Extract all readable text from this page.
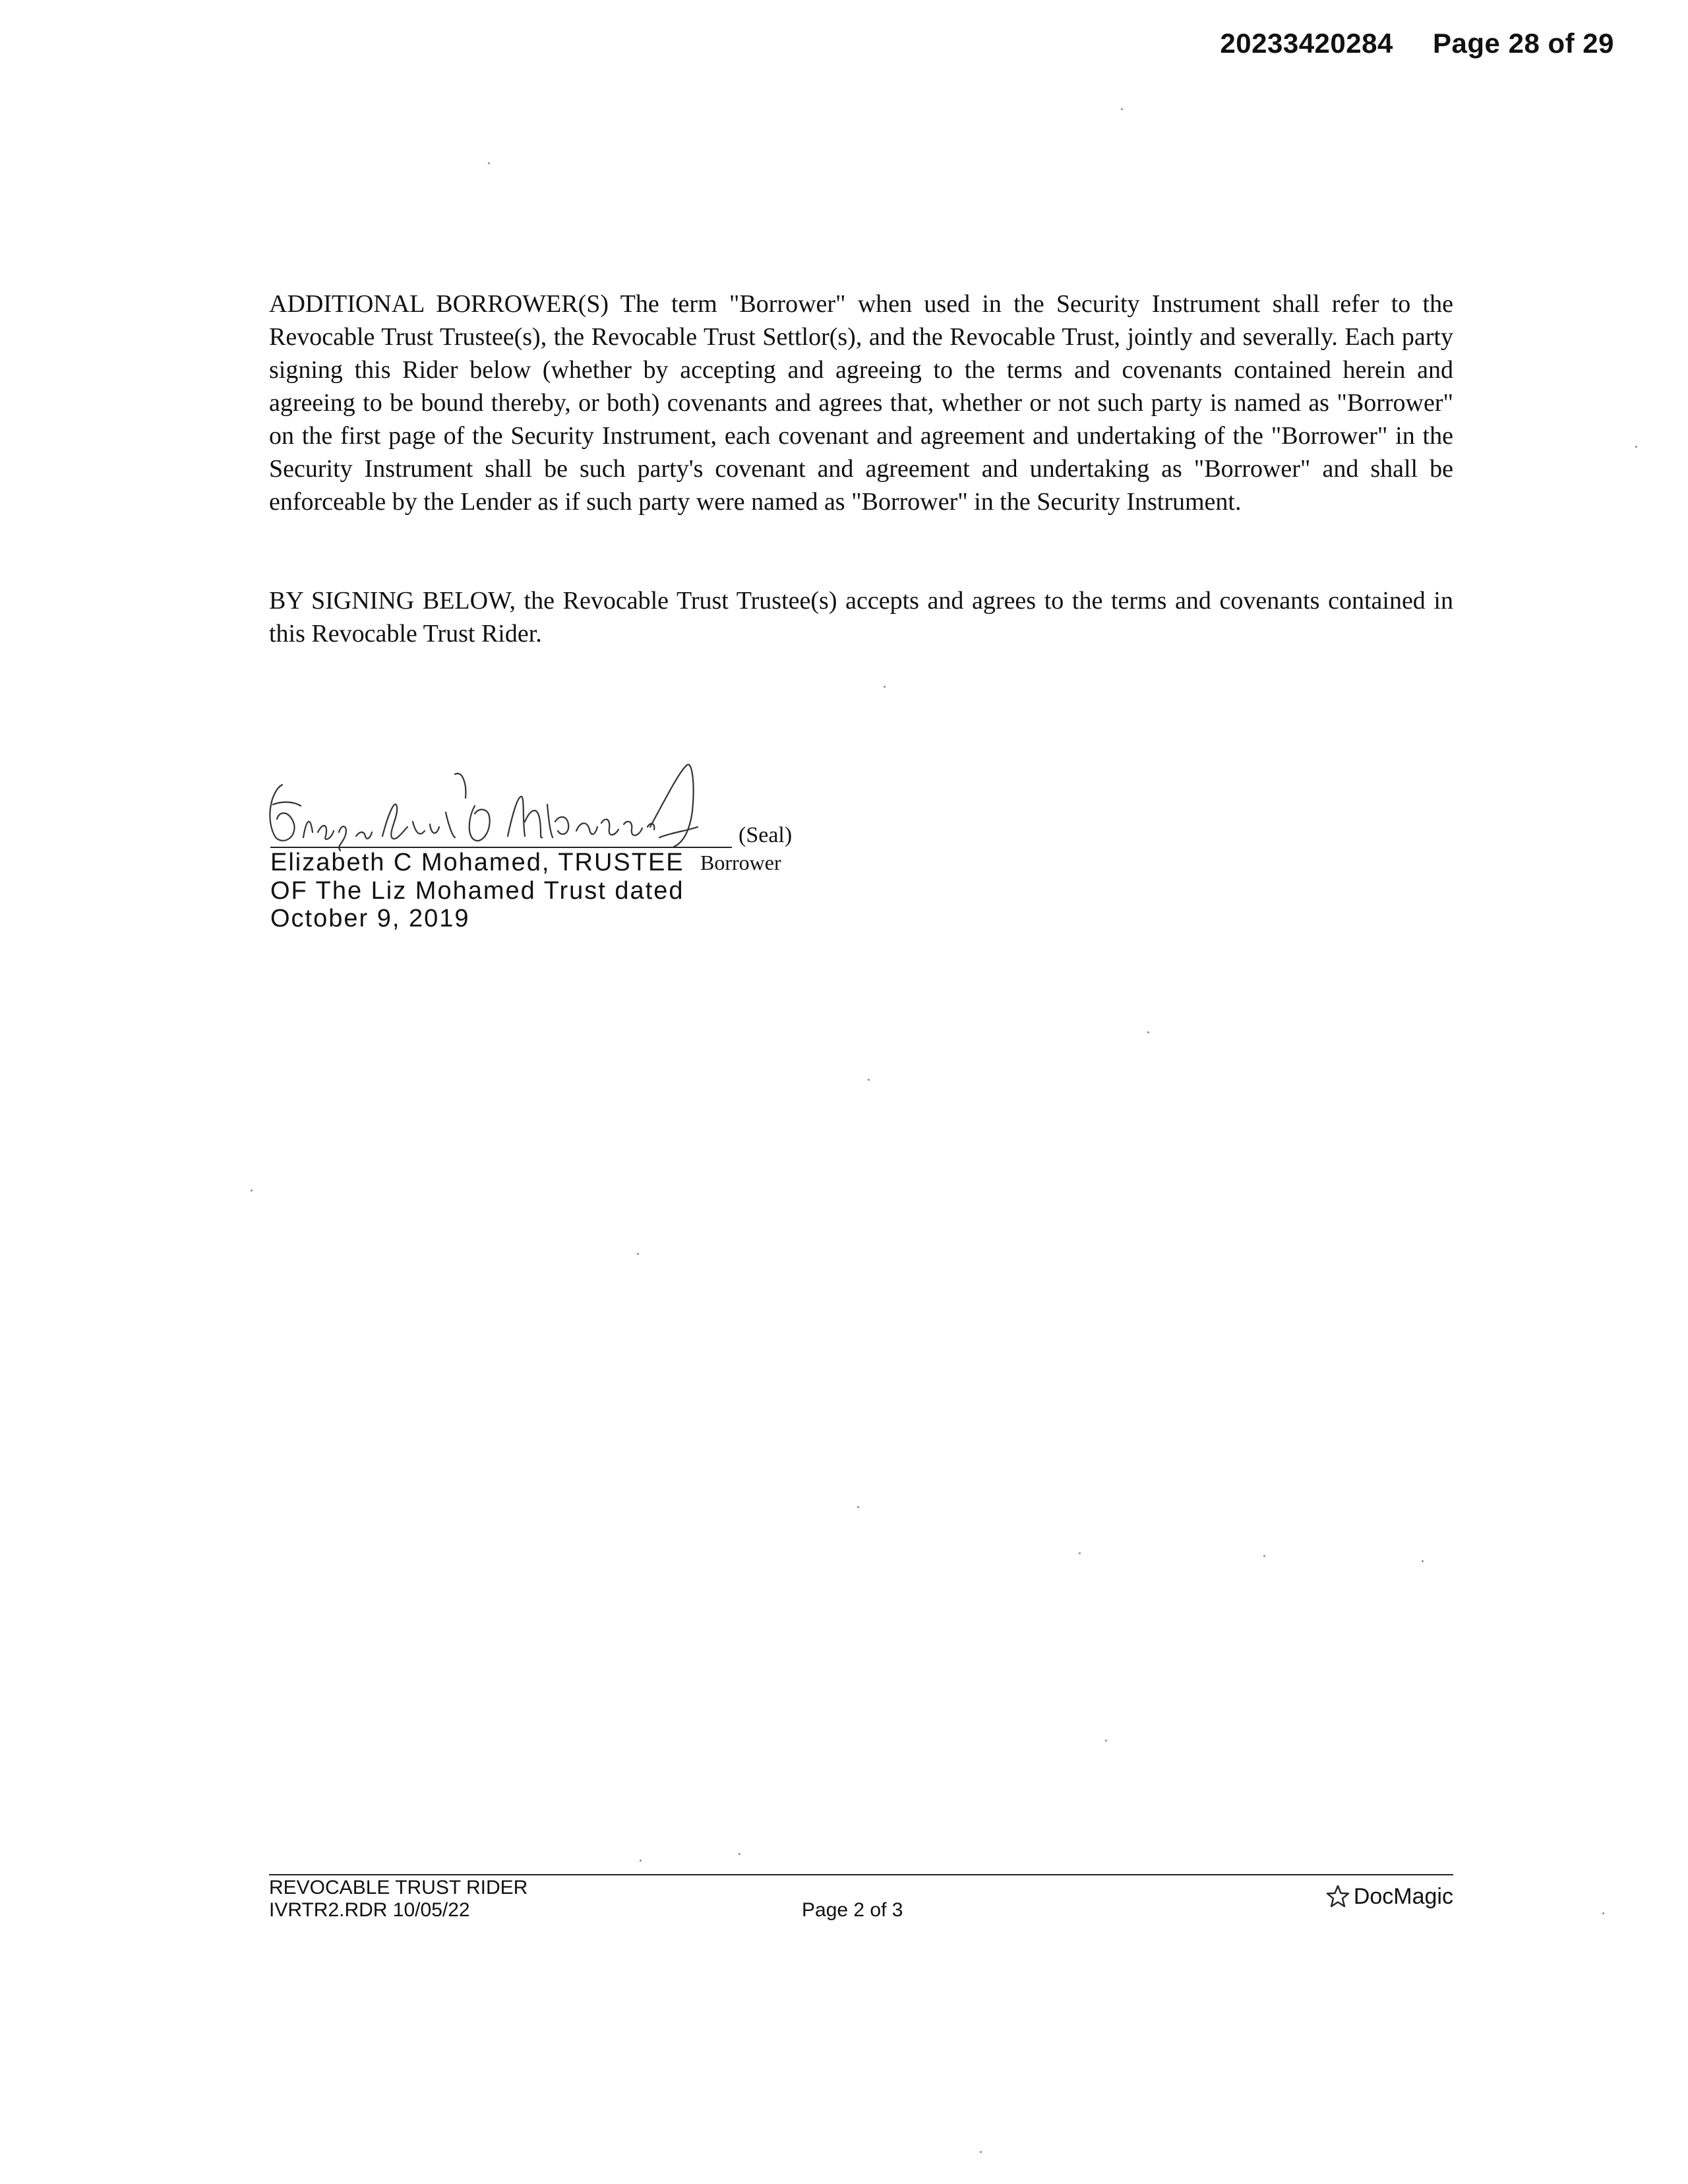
20233420284 Page 28 of 29

ADDITIONAL BORROWER(S) The term "Borrower" when used in the Security Instrument shall refer to the Revocable Trust Trustee(s), the Revocable Trust Settlor(s), and the Revocable Trust, jointly and severally. Each party signing this Rider below (whether by accepting and agreeing to the terms and covenants contained herein and agreeing to be bound thereby, or both) covenants and agrees that, whether or not such party is named as "Borrower" on the first page of the Security Instrument, each covenant and agreement and undertaking of the "Borrower" in the Security Instrument shall be such party's covenant and agreement and undertaking as "Borrower" and shall be enforceable by the Lender as if such party were named as "Borrower" in the Security Instrument.

BY SIGNING BELOW, the Revocable Trust Trustee(s) accepts and agrees to the terms and covenants contained in this Revocable Trust Rider.

(Seal)
Elizabeth C Mohamed, TRUSTEE Borrower
OF The Liz Mohamed Trust dated
October 9, 2019
REVOCABLE TRUST RIDER
IVRTR2.RDR 10/05/22	Page 2 of 3
DocMagic
